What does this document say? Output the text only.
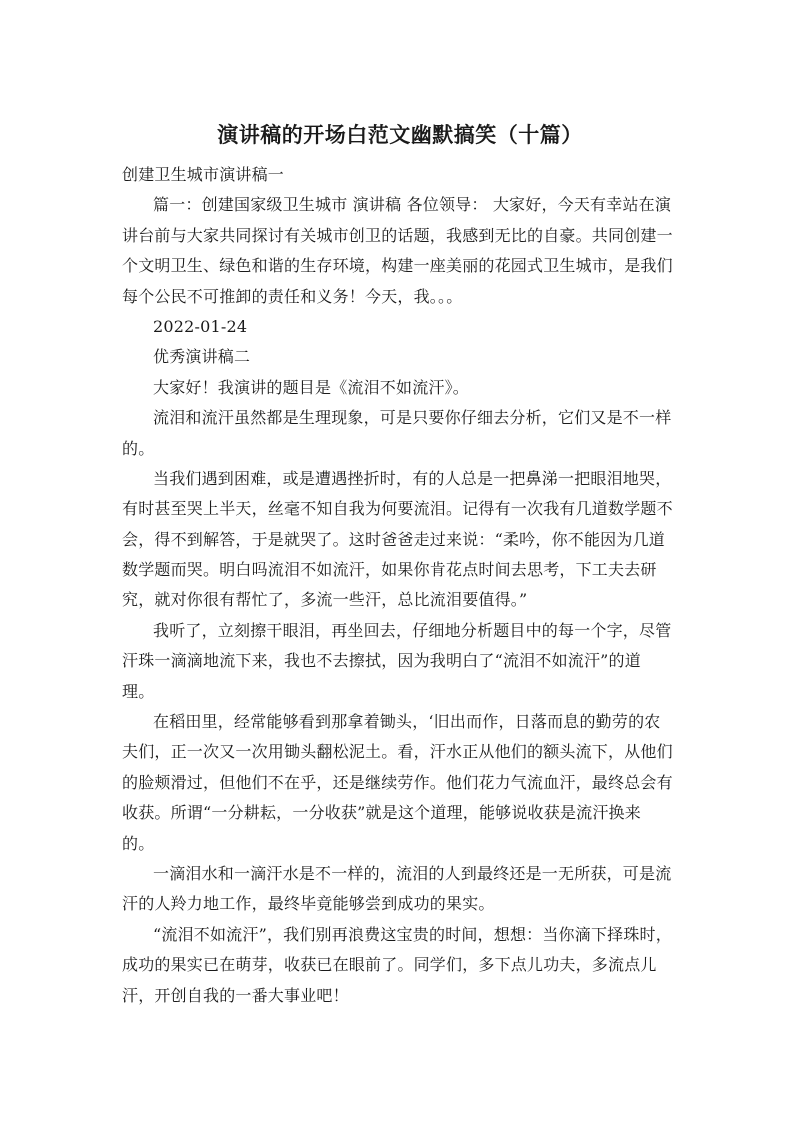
演讲稿的开场白范文幽默搞笑（十篇）
创建卫生城市演讲稿一
篇一：创建国家级卫生城市 演讲稿 各位领导： 大家好，今天有幸站在演
讲台前与大家共同探讨有关城市创卫的话题，我感到无比的自豪。共同创建一
个文明卫生、绿色和谐的生存环境，构建一座美丽的花园式卫生城市，是我们
每个公民不可推卸的责任和义务！今天，我。。。
2022-01-24
优秀演讲稿二
大家好！我演讲的题目是《流泪不如流汗》。
流泪和流汗虽然都是生理现象，可是只要你仔细去分析，它们又是不一样
的。
当我们遇到困难，或是遭遇挫折时，有的人总是一把鼻涕一把眼泪地哭，
有时甚至哭上半天，丝毫不知自我为何要流泪。记得有一次我有几道数学题不
会，得不到解答，于是就哭了。这时爸爸走过来说：“柔吟，你不能因为几道
数学题而哭。明白吗流泪不如流汗，如果你肯花点时间去思考，下工夫去研
究，就对你很有帮忙了，多流一些汗，总比流泪要值得。”
我听了，立刻擦干眼泪，再坐回去，仔细地分析题目中的每一个字，尽管
汗珠一滴滴地流下来，我也不去擦拭，因为我明白了“流泪不如流汗”的道
理。
在稻田里，经常能够看到那拿着锄头，‘旧出而作，日落而息的勤劳的农
夫们，正一次又一次用锄头翻松泥土。看，汗水正从他们的额头流下，从他们
的脸颊滑过，但他们不在乎，还是继续劳作。他们花力气流血汗，最终总会有
收获。所谓“一分耕耘，一分收获”就是这个道理，能够说收获是流汗换来
的。
一滴泪水和一滴汗水是不一样的，流泪的人到最终还是一无所获，可是流
汗的人羚力地工作，最终毕竟能够尝到成功的果实。
“流泪不如流汗”，我们别再浪费这宝贵的时间，想想：当你滴下择珠时，
成功的果实已在萌芽，收获已在眼前了。同学们，多下点儿功夫，多流点儿
汗，开创自我的一番大事业吧！
